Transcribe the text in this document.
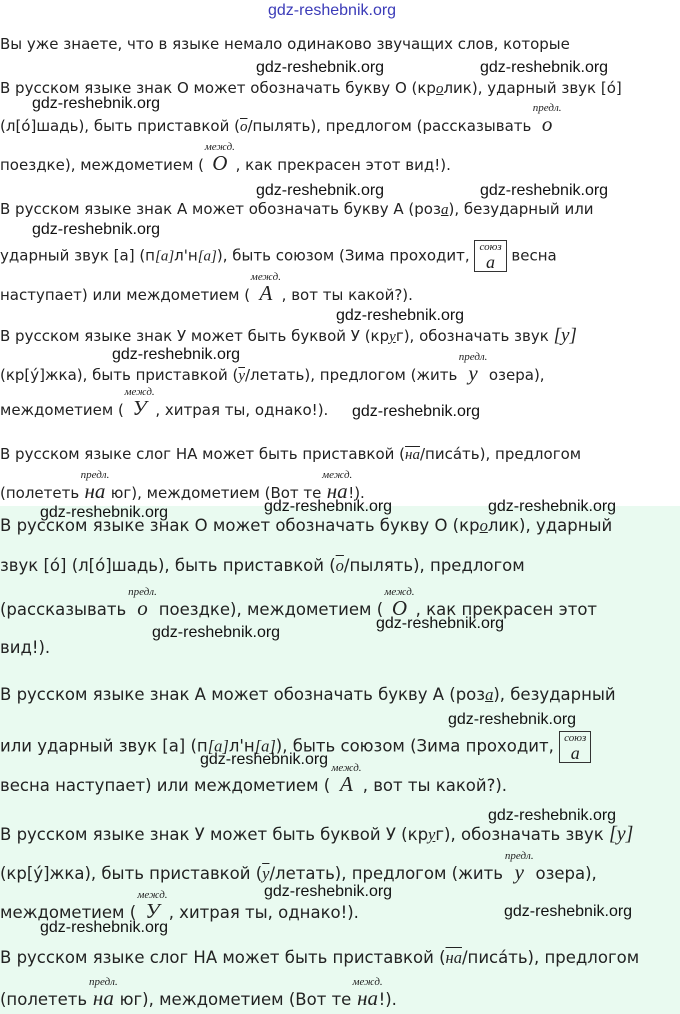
Вы уже знаете, что в языке немало одинаково звучащих слов, которые
В русском языке знак О может обозначать букву О (кролик), ударный звук [о́]
(л[о́]шадь), быть приставкой (о/пылять), предлогом (рассказывать
предл.
о
поездке), междометием (
межд.
О , как прекрасен этот вид!).
В русском языке знак А может обозначать букву А (роза), безударный или
ударный звук [а] (п[а]л'н[а]), быть союзом (Зима проходит, союз
а	весна
наступает) или междометием (
межд.
А , вот ты какой?).
В русском языке знак У может быть буквой У (круг), обозначать звук [у]
(кр[у́]жка), быть приставкой (у/летать), предлогом (жить
предл.
у озера),
междометием (
межд.
У , хитрая ты, однако!).
В русском языке слог НА может быть приставкой (на/писа́ть), предлогом
(полететь
предл.
на юг), междометием (Вот те
межд.
на!).
В русском языке знак О может обозначать букву О (кролик), ударный
звук [о́] (л[о́]шадь), быть приставкой (о/пылять), предлогом
(рассказывать
предл.
о поездке), междометием (
межд.
О , как прекрасен этот
вид!).
В русском языке знак А может обозначать букву А (роза), безударный
или ударный звук [а] (п[а]л'н[а]), быть союзом (Зима проходит, союз
а
весна наступает) или междометием (
межд.
А , вот ты какой?).
В русском языке знак У может быть буквой У (круг), обозначать звук [у]
(кр[у́]жка), быть приставкой (у/летать), предлогом (жить
предл.
у озера),
междометием (
межд.
У , хитрая ты, однако!).
В русском языке слог НА может быть приставкой (на/писа́ть), предлогом
(полететь
предл.
на юг), междометием (Вот те
межд.
на!).
gdz-reshebnik.org
gdz-reshebnik.org	gdz-reshebnik.org
gdz-reshebnik.org
gdz-reshebnik.org	gdz-reshebnik.org
gdz-reshebnik.org
gdz-reshebnik.org
gdz-reshebnik.org
gdz-reshebnik.org
gdz-reshebnik.org	gdz-reshebnik.org
gdz-reshebnik.org
gdz-reshebnik.org
gdz-reshebnik.org
gdz-reshebnik.org
gdz-reshebnik.org
gdz-reshebnik.org
gdz-reshebnik.org
gdz-reshebnik.org
gdz-reshebnik.org
